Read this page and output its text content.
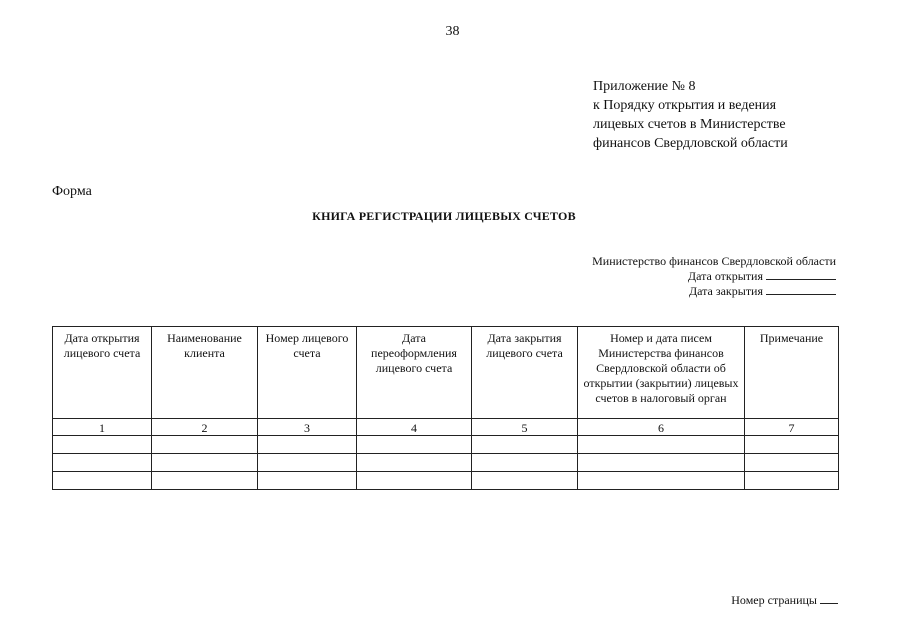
38
Приложение № 8
к Порядку открытия и ведения
лицевых счетов в Министерстве
финансов Свердловской области
Форма
КНИГА РЕГИСТРАЦИИ ЛИЦЕВЫХ СЧЕТОВ
Министерство финансов Свердловской области
Дата открытия
Дата закрытия
Дата открытия лицевого счета	Наименование клиента	Номер лицевого счета	Дата переоформления лицевого счета	Дата закрытия лицевого счета	Номер и дата писем Министерства финансов Свердловской области об открытии (закрытии) лицевых счетов в налоговый орган	Примечание
1	2	3	4	5	6	7

Номер страницы
